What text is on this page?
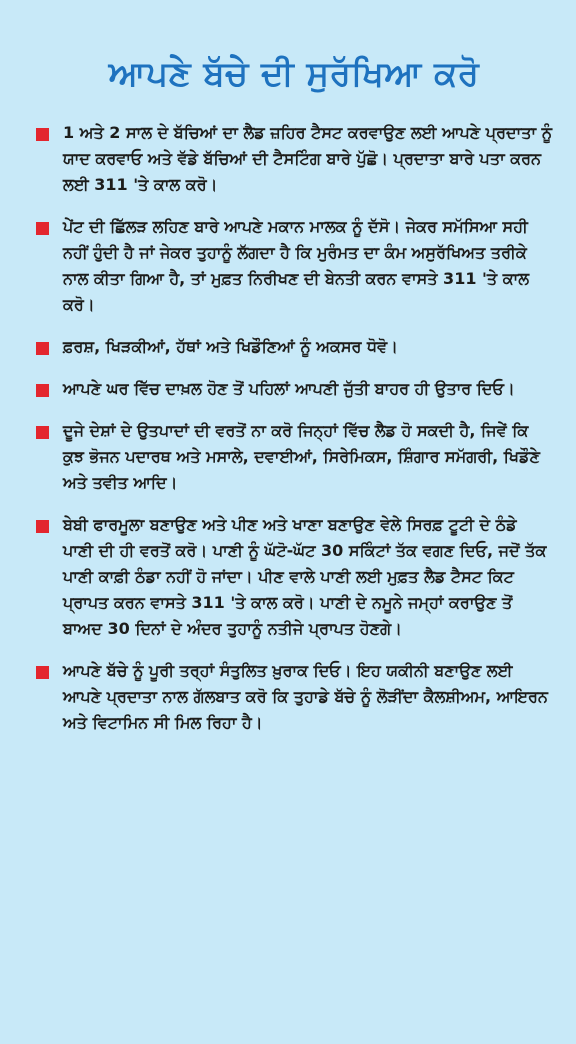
ਆਪਣੇ ਬੱਚੇ ਦੀ ਸੁਰੱਖਿਆ ਕਰੋ
1 ਅਤੇ 2 ਸਾਲ ਦੇ ਬੱਚਿਆਂ ਦਾ ਲੈਡ ਜ਼ਹਿਰ ਟੈਸਟ ਕਰਵਾਉਣ ਲਈ ਆਪਣੇ ਪ੍ਰਦਾਤਾ ਨੂੰ ਯਾਦ ਕਰਵਾਓ ਅਤੇ ਵੱਡੇ ਬੱਚਿਆਂ ਦੀ ਟੈਸਟਿੰਗ ਬਾਰੇ ਪੁੱਛੋ। ਪ੍ਰਦਾਤਾ ਬਾਰੇ ਪਤਾ ਕਰਨ ਲਈ 311 'ਤੇ ਕਾਲ ਕਰੋ।
ਪੇਂਟ ਦੀ ਛਿੱਲੜ ਲਹਿਣ ਬਾਰੇ ਆਪਣੇ ਮਕਾਨ ਮਾਲਕ ਨੂੰ ਦੱਸੋ। ਜੇਕਰ ਸਮੱਸਿਆ ਸਹੀ ਨਹੀਂ ਹੁੰਦੀ ਹੈ ਜਾਂ ਜੇਕਰ ਤੁਹਾਨੂੰ ਲੱਗਦਾ ਹੈ ਕਿ ਮੁਰੰਮਤ ਦਾ ਕੰਮ ਅਸੁਰੱਖਿਅਤ ਤਰੀਕੇ ਨਾਲ ਕੀਤਾ ਗਿਆ ਹੈ, ਤਾਂ ਮੁਫ਼ਤ ਨਿਰੀਖਣ ਦੀ ਬੇਨਤੀ ਕਰਨ ਵਾਸਤੇ 311 'ਤੇ ਕਾਲ ਕਰੋ।
ਫ਼ਰਸ਼, ਖਿੜਕੀਆਂ, ਹੱਥਾਂ ਅਤੇ ਖਿਡੌਣਿਆਂ ਨੂੰ ਅਕਸਰ ਧੋਵੋ।
ਆਪਣੇ ਘਰ ਵਿੱਚ ਦਾਖ਼ਲ ਹੋਣ ਤੋਂ ਪਹਿਲਾਂ ਆਪਣੀ ਜੁੱਤੀ ਬਾਹਰ ਹੀ ਉਤਾਰ ਦਿਓ।
ਦੂਜੇ ਦੇਸ਼ਾਂ ਦੇ ਉਤਪਾਦਾਂ ਦੀ ਵਰਤੋਂ ਨਾ ਕਰੋ ਜਿਨ੍ਹਾਂ ਵਿੱਚ ਲੈਡ ਹੋ ਸਕਦੀ ਹੈ, ਜਿਵੇਂ ਕਿ ਕੁਝ ਭੋਜਨ ਪਦਾਰਥ ਅਤੇ ਮਸਾਲੇ, ਦਵਾਈਆਂ, ਸਿਰੇਮਿਕਸ, ਸ਼ਿੰਗਾਰ ਸਮੱਗਰੀ, ਖਿਡੌਣੇ ਅਤੇ ਤਵੀਤ ਆਦਿ।
ਬੇਬੀ ਫਾਰਮੂਲਾ ਬਣਾਉਣ ਅਤੇ ਪੀਣ ਅਤੇ ਖਾਣਾ ਬਣਾਉਣ ਵੇਲੇ ਸਿਰਫ਼ ਟੂਟੀ ਦੇ ਠੰਡੇ ਪਾਣੀ ਦੀ ਹੀ ਵਰਤੋਂ ਕਰੋ। ਪਾਣੀ ਨੂੰ ਘੱਟੋ-ਘੱਟ 30 ਸਕਿੰਟਾਂ ਤੱਕ ਵਗਣ ਦਿਓ, ਜਦੋਂ ਤੱਕ ਪਾਣੀ ਕਾਫ਼ੀ ਠੰਡਾ ਨਹੀਂ ਹੋ ਜਾਂਦਾ। ਪੀਣ ਵਾਲੇ ਪਾਣੀ ਲਈ ਮੁਫ਼ਤ ਲੈਡ ਟੈਸਟ ਕਿਟ ਪ੍ਰਾਪਤ ਕਰਨ ਵਾਸਤੇ 311 'ਤੇ ਕਾਲ ਕਰੋ। ਪਾਣੀ ਦੇ ਨਮੂਨੇ ਜਮ੍ਹਾਂ ਕਰਾਉਣ ਤੋਂ ਬਾਅਦ 30 ਦਿਨਾਂ ਦੇ ਅੰਦਰ ਤੁਹਾਨੂੰ ਨਤੀਜੇ ਪ੍ਰਾਪਤ ਹੋਣਗੇ।
ਆਪਣੇ ਬੱਚੇ ਨੂੰ ਪੂਰੀ ਤਰ੍ਹਾਂ ਸੰਤੁਲਿਤ ਖ਼ੁਰਾਕ ਦਿਓ। ਇਹ ਯਕੀਨੀ ਬਣਾਉਣ ਲਈ ਆਪਣੇ ਪ੍ਰਦਾਤਾ ਨਾਲ ਗੱਲਬਾਤ ਕਰੋ ਕਿ ਤੁਹਾਡੇ ਬੱਚੇ ਨੂੰ ਲੋੜੀਂਦਾ ਕੈਲਸ਼ੀਅਮ, ਆਇਰਨ ਅਤੇ ਵਿਟਾਮਿਨ ਸੀ ਮਿਲ ਰਿਹਾ ਹੈ।
